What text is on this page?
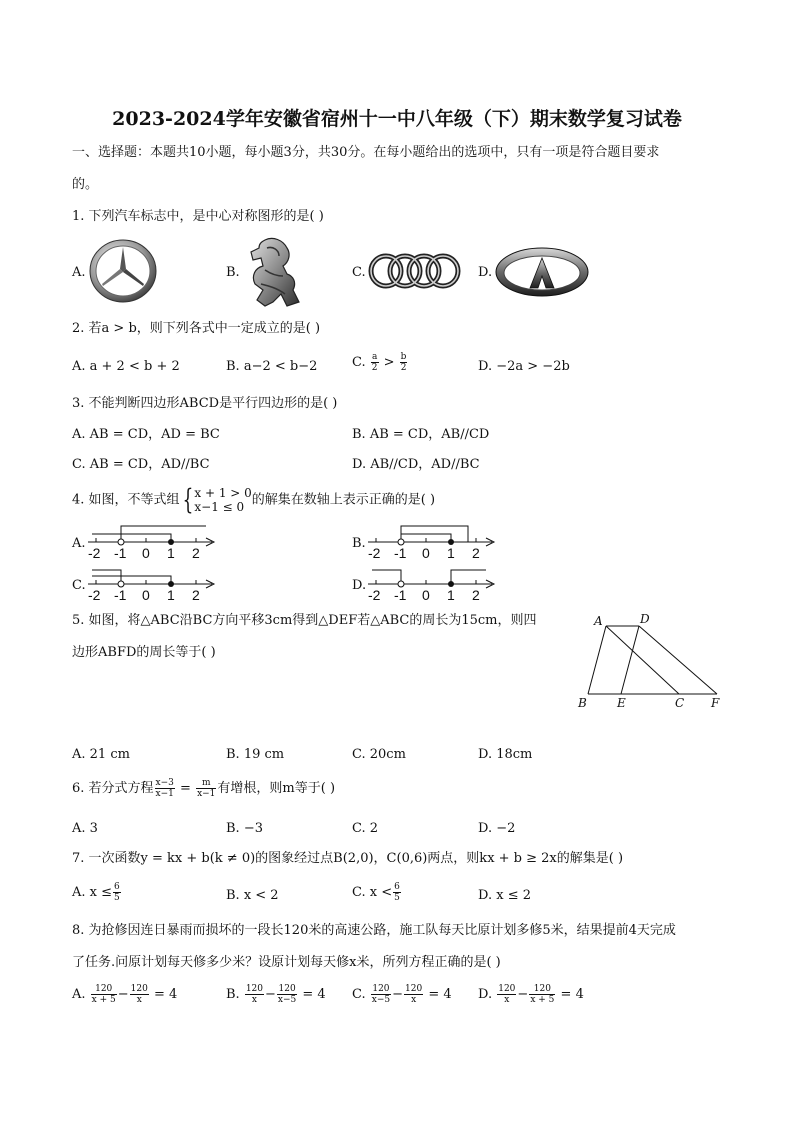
2023-2024学年安徽省宿州十一中八年级（下）期末数学复习试卷
一、选择题：本题共10小题，每小题3分，共30分。在每小题给出的选项中，只有一项是符合题目要求
的。
1. 下列汽车标志中，是中心对称图形的是( )
A.	B.	C.	D.
2. 若a > b，则下列各式中一定成立的是( )
A. a + 2 < b + 2	B. a−2 < b−2	C. $\frac{a}{2} > \frac{b}{2}$	D. −2a > −2b
3. 不能判断四边形ABCD是平行四边形的是( )
A. AB = CD，AD = BC	B. AB = CD，AB//CD
C. AB = CD，AD//BC	D. AB//CD，AD//BC
4. 如图，不等式组{ x + 1 > 0
x−1 ≤ 0 的解集在数轴上表示正确的是( )
A.	B.
C.	D.
-2 -1 0 1 2	-2 -1 0 1 2
-2 -1 0 1 2	-2 -1 0 1 2
5. 如图，将△ABC沿BC方向平移3cm得到△DEF若△ABC的周长为15cm，则四
边形ABFD的周长等于( )
A	D
B	E	C F
A. 21 cm	B. 19 cm	C. 20cm	D. 18cm
6. 若分式方程 $\frac{x-3}{x-1} = \frac{m}{x-1}$ 有增根，则m等于( )
A. 3	B. −3	C. 2	D. −2
7. 一次函数y = kx + b(k ≠ 0)的图象经过点B(2,0)，C(0,6)两点，则kx + b ≥ 2x的解集是( )
A. $x \le \frac{6}{5}$	B. x < 2	C. $x < \frac{6}{5}$	D. x ≤ 2
8. 为抢修因连日暴雨而损坏的一段长120米的高速公路，施工队每天比原计划多修5米，结果提前4天完成
了任务.问原计划每天修多少米？设原计划每天修x米，所列方程正确的是( )
A. $\frac{120}{x + 5} - \frac{120}{x} = 4$	B. $\frac{120}{x} - \frac{120}{x-5} = 4$ C. $\frac{120}{x-5} - \frac{120}{x} = 4$ D. $\frac{120}{x} - \frac{120}{x + 5} = 4$
